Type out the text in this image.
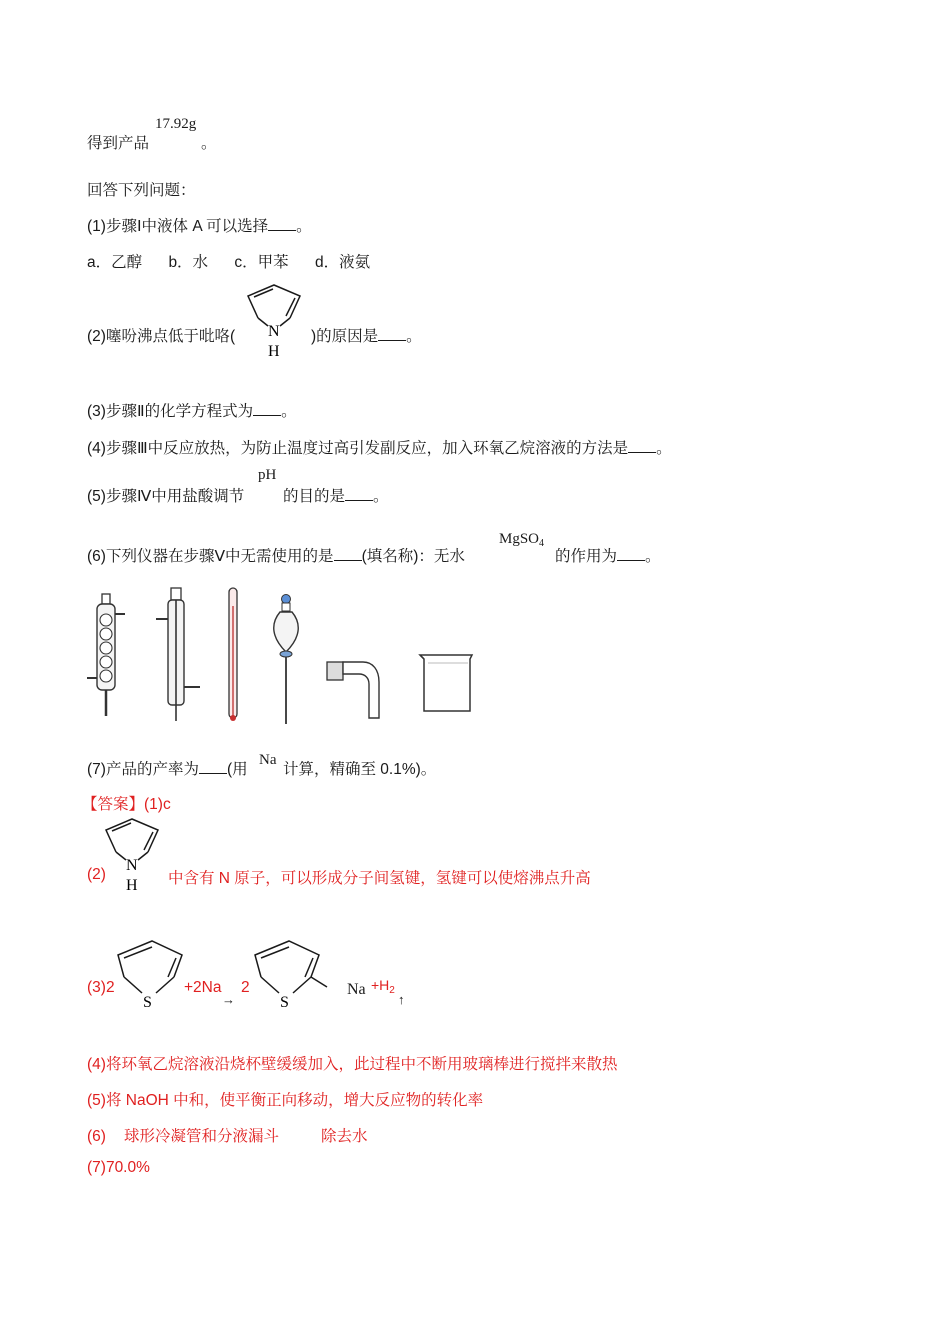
得到产品
17.92g
。
回答下列问题：
(1)步骤Ⅰ中液体 A 可以选择 。
a．乙醇 b．水 c．甲苯 d．液氨
(2)噻吩沸点低于吡咯( N
H
)的原因是 。
(3)步骤Ⅱ的化学方程式为 。
(4)步骤Ⅲ中反应放热，为防止温度过高引发副反应，加入环氧乙烷溶液的方法是 。
(5)步骤Ⅳ中用盐酸调节
pH
的目的是 。
(6)下列仪器在步骤Ⅴ中无需使用的是 (填名称)：无水
MgSO$_4$
的作用为 。
(7)产品的产率为 (用
Na
计算，精确至 0.1%)。
【答案】(1)c
(2)
N
H 中含有 N 原子，可以形成分子间氢键，氢键可以使熔沸点升高
(3)2
S
+2Na
→
2
S
$Na +H_2$
↑
(4)将环氧乙烷溶液沿烧杯壁缓缓加入，此过程中不断用玻璃棒进行搅拌来散热
(5)将 NaOH 中和，使平衡正向移动，增大反应物的转化率
(6) 球形冷凝管和分液漏斗	除去水
(7)70.0%
